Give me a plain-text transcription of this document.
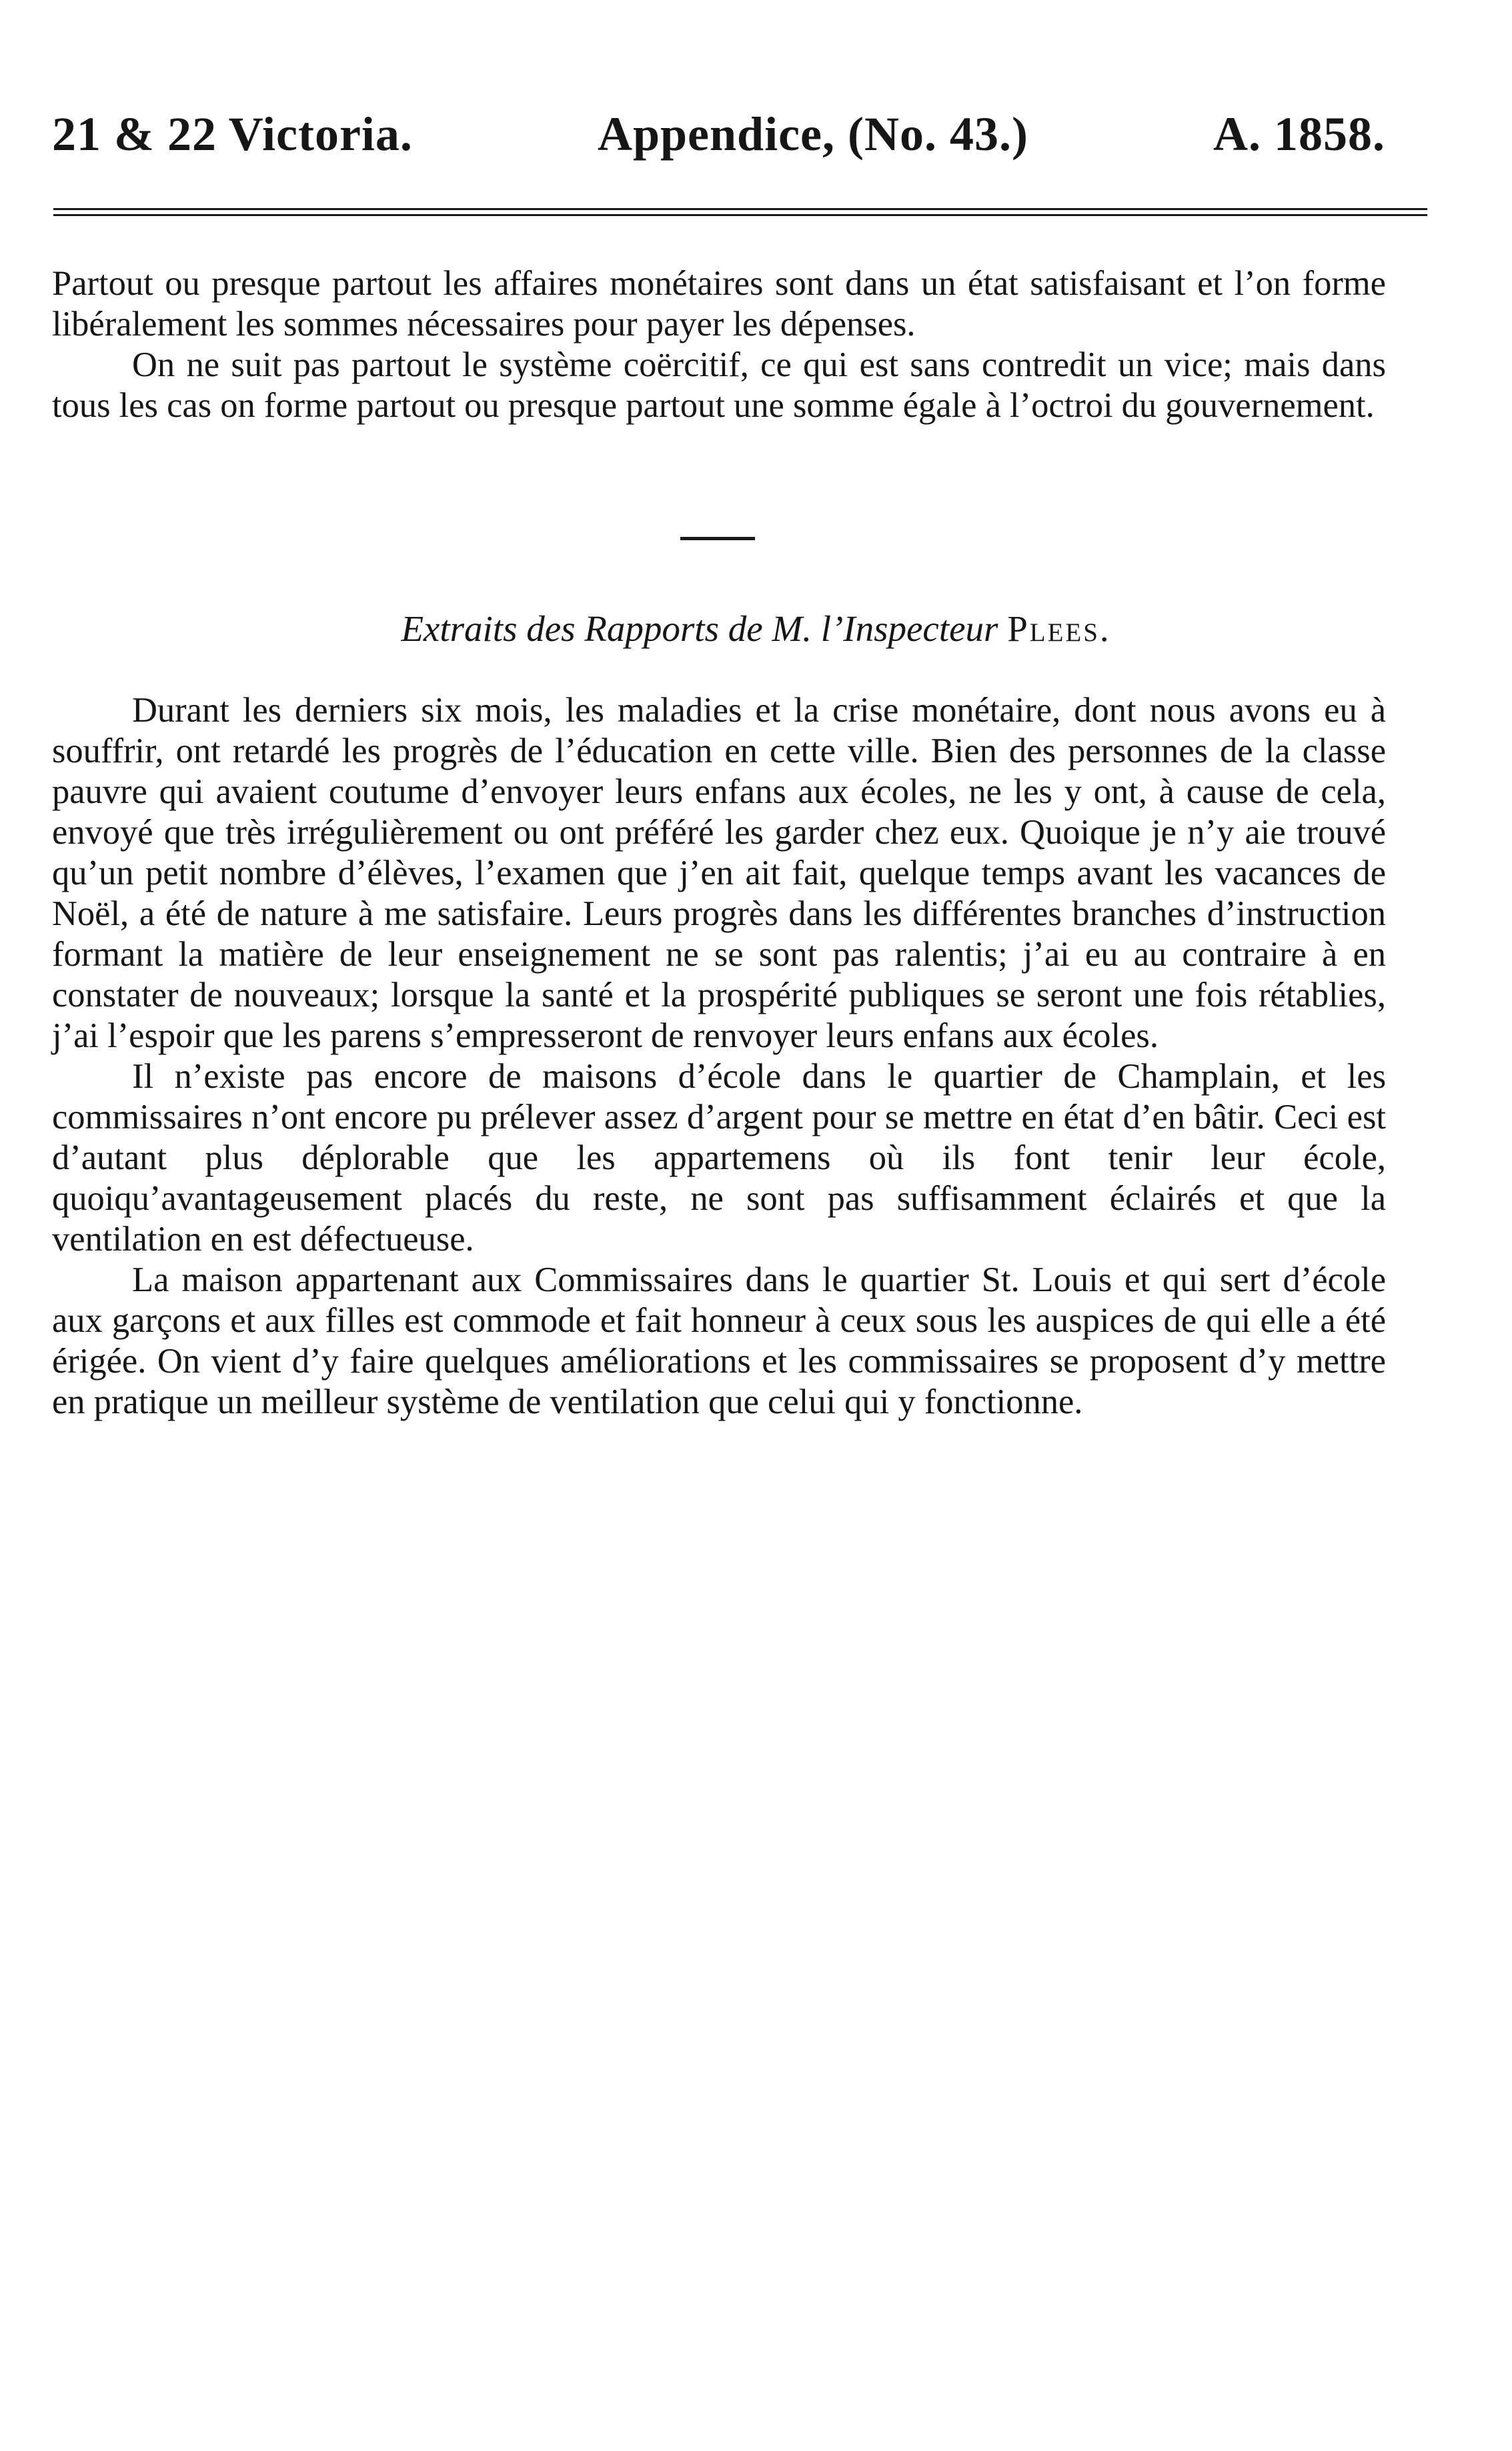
21 & 22 Victoria.	Appendice, (No. 43.)	A. 1858.

Partout ou presque partout les affaires monétaires sont dans un état satisfaisant et l’on forme libéralement les sommes nécessaires pour payer les dépenses.

On ne suit pas partout le système coërcitif, ce qui est sans contredit un vice; mais dans tous les cas on forme partout ou presque partout une somme égale à l’octroi du gouvernement.

Extraits des Rapports de M. l’Inspecteur Plees.

Durant les derniers six mois, les maladies et la crise monétaire, dont nous avons eu à souffrir, ont retardé les progrès de l’éducation en cette ville. Bien des personnes de la classe pauvre qui avaient coutume d’envoyer leurs enfans aux écoles, ne les y ont, à cause de cela, envoyé que très irrégulièrement ou ont préféré les garder chez eux. Quoique je n’y aie trouvé qu’un petit nombre d’élèves, l’examen que j’en ait fait, quelque temps avant les vacances de Noël, a été de nature à me satisfaire. Leurs progrès dans les différentes branches d’instruction formant la matière de leur enseignement ne se sont pas ralentis; j’ai eu au contraire à en constater de nouveaux; lorsque la santé et la prospérité publiques se seront une fois rétablies, j’ai l’espoir que les parens s’empresseront de renvoyer leurs enfans aux écoles.

Il n’existe pas encore de maisons d’école dans le quartier de Champlain, et les commissaires n’ont encore pu prélever assez d’argent pour se mettre en état d’en bâtir. Ceci est d’autant plus déplorable que les appartemens où ils font tenir leur école, quoiqu’avantageusement placés du reste, ne sont pas suffisamment éclairés et que la ventilation en est défectueuse.

La maison appartenant aux Commissaires dans le quartier St. Louis et qui sert d’école aux garçons et aux filles est commode et fait honneur à ceux sous les auspices de qui elle a été érigée. On vient d’y faire quelques améliorations et les commissaires se proposent d’y mettre en pratique un meilleur système de ventilation que celui qui y fonctionne.
